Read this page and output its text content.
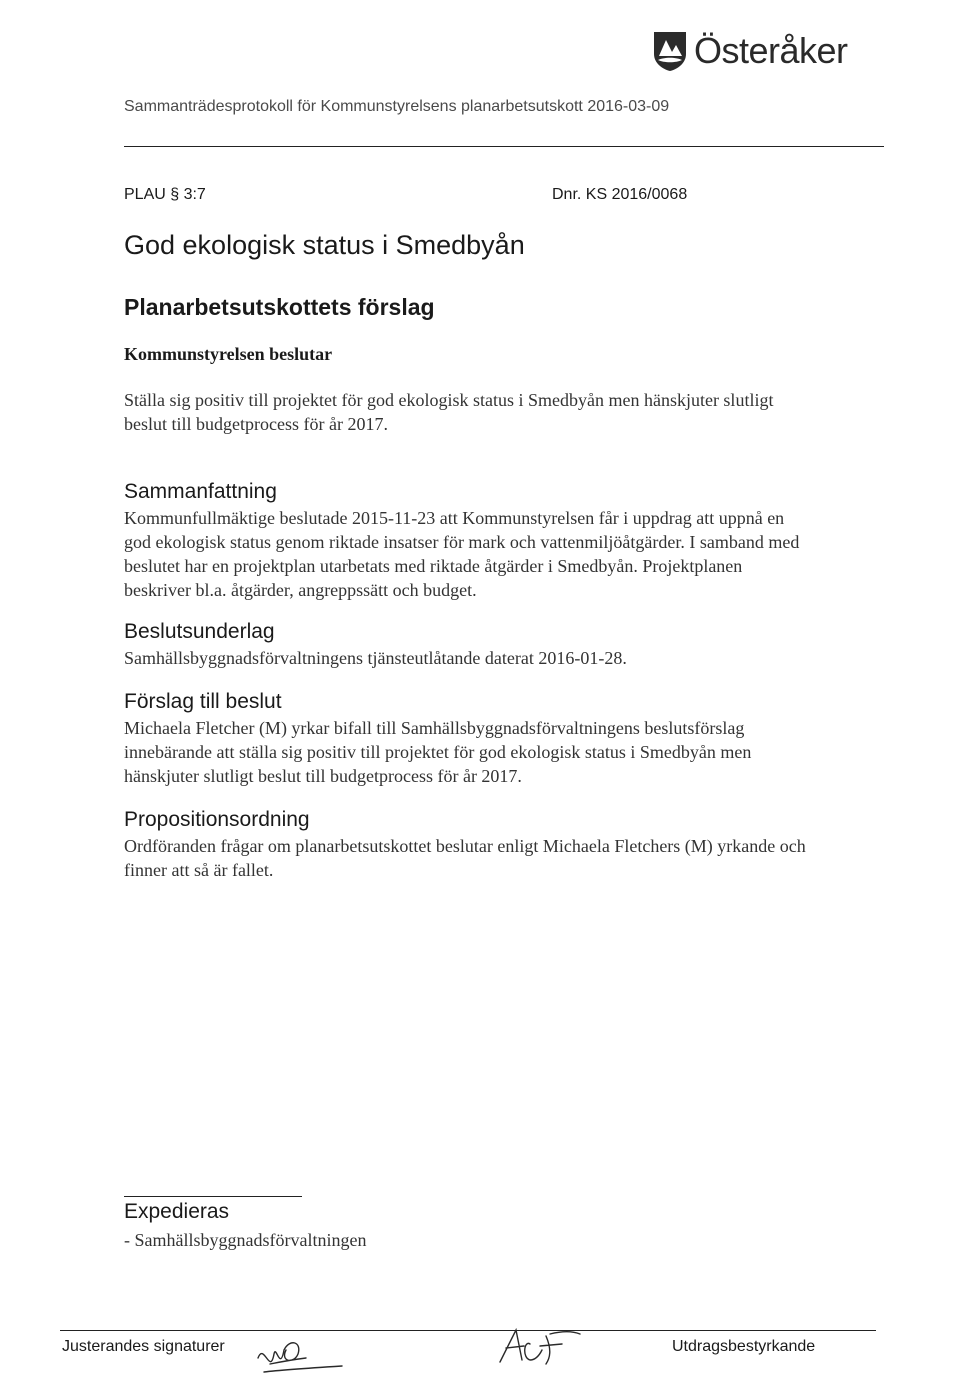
Österåker
Sammanträdesprotokoll för Kommunstyrelsens planarbetsutskott 2016-03-09
PLAU § 3:7	Dnr. KS 2016/0068
God ekologisk status i Smedbyån
Planarbetsutskottets förslag
Kommunstyrelsen beslutar
Ställa sig positiv till projektet för god ekologisk status i Smedbyån men hänskjuter slutligt
beslut till budgetprocess för år 2017.
Sammanfattning
Kommunfullmäktige beslutade 2015-11-23 att Kommunstyrelsen får i uppdrag att uppnå en
god ekologisk status genom riktade insatser för mark och vattenmiljöåtgärder. I samband med
beslutet har en projektplan utarbetats med riktade åtgärder i Smedbyån. Projektplanen
beskriver bl.a. åtgärder, angreppssätt och budget.
Beslutsunderlag
Samhällsbyggnadsförvaltningens tjänsteutlåtande daterat 2016-01-28.
Förslag till beslut
Michaela Fletcher (M) yrkar bifall till Samhällsbyggnadsförvaltningens beslutsförslag
innebärande att ställa sig positiv till projektet för god ekologisk status i Smedbyån men
hänskjuter slutligt beslut till budgetprocess för år 2017.
Propositionsordning
Ordföranden frågar om planarbetsutskottet beslutar enligt Michaela Fletchers (M) yrkande och
finner att så är fallet.
Expedieras
- Samhällsbyggnadsförvaltningen
Justerandes signaturer	Utdragsbestyrkande
